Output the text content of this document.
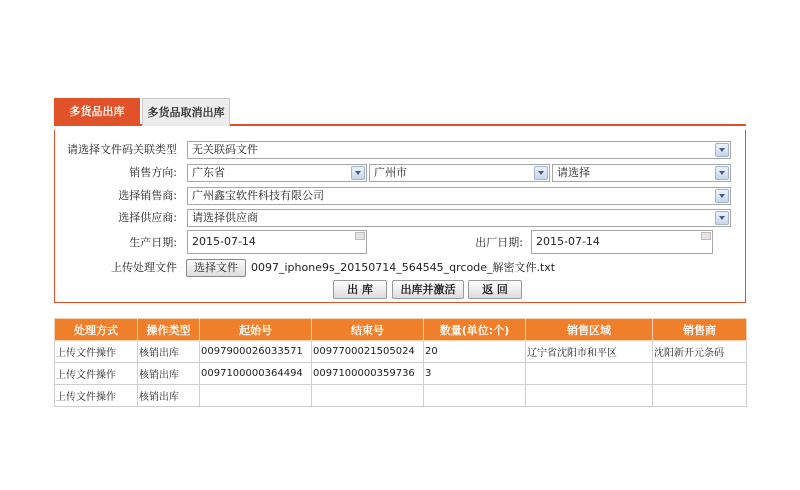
多货品出库	多货品取消出库
请选择文件码关联类型	无关联码文件
销售方向:	广东省	广州市	请选择
选择销售商:	广州鑫宝软件科技有限公司
选择供应商:	请选择供应商
生产日期:	2015-07-14	出厂日期:	2015-07-14
上传处理文件	选择文件	0097_iphone9s_20150714_564545_qrcode_解密文件.txt
出 库	出库并激活	返 回
处理方式	操作类型	起始号	结束号	数量(单位:个)	销售区域	销售商
上传文件操作	核销出库	0097900026033571	0097700021505024	20	辽宁省沈阳市和平区	沈阳新开元条码
上传文件操作	核销出库	0097100000364494	0097100000359736	3		
上传文件操作	核销出库					
